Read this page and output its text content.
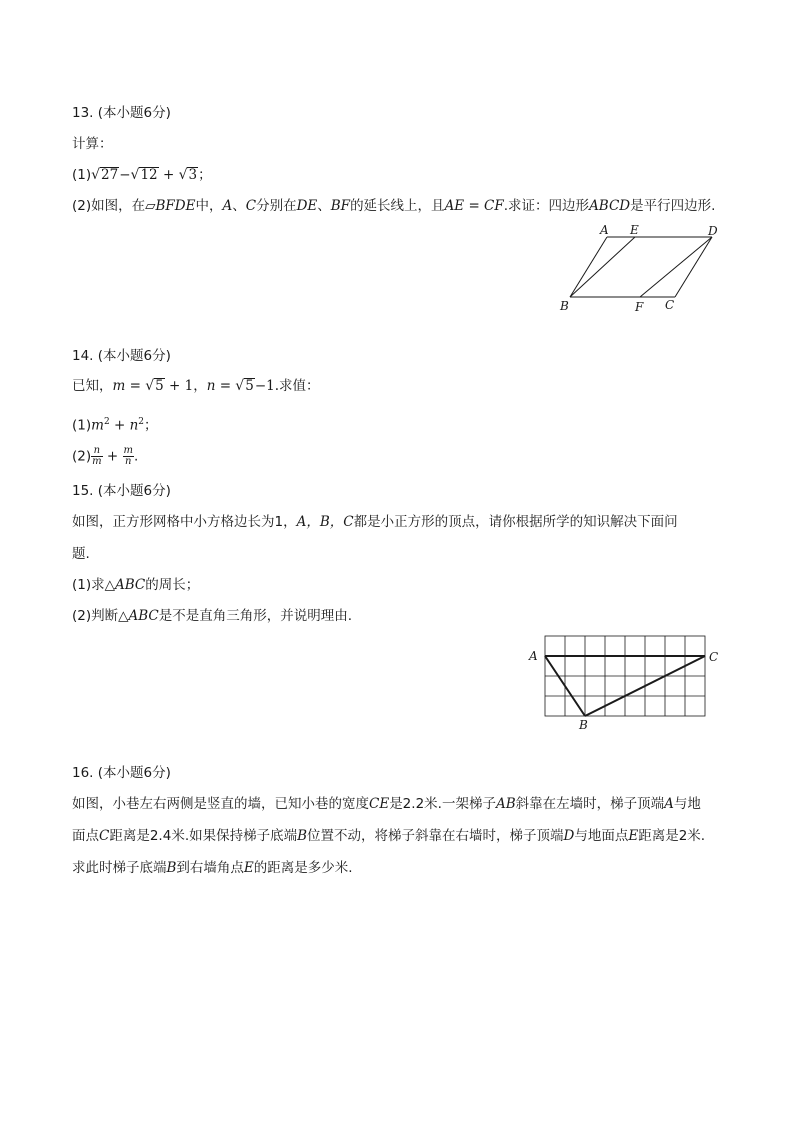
13. (本小题6分)
计算：
(1)√27−√12 + √3；
(2)如图，在▱BFDE中，A、C分别在DE、BF的延长线上，且AE = CF.求证：四边形ABCD是平行四边形.
A E	D
B	F C
14. (本小题6分)
已知，m = √5 + 1，n = √5−1.求值：
$(1)m^2 + n^2$；
$(2) \frac{n}{m} + \frac{m}{n}$ .
15. (本小题6分)
如图，正方形网格中小方格边长为1，A，B，C都是小正方形的顶点，请你根据所学的知识解决下面问
题.
(1)求△ABC的周长；
(2)判断△ABC是不是直角三角形，并说明理由.
A	C
B
16. (本小题6分)
如图，小巷左右两侧是竖直的墙，已知小巷的宽度CE是2.2米.一架梯子AB斜靠在左墙时，梯子顶端A与地
面点C距离是2.4米.如果保持梯子底端B位置不动，将梯子斜靠在右墙时，梯子顶端D与地面点E距离是2米.
求此时梯子底端B到右墙角点E的距离是多少米.
